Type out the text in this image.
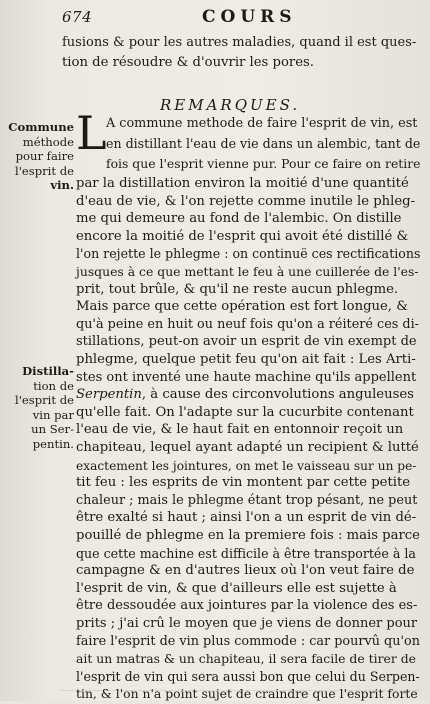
674	COURS
fusions & pour les autres maladies, quand il est ques-
tion de résoudre & d'ouvrir les pores.
REMARQUES.
Commune
méthode
pour faire
l'esprit de
vin.
Distilla-
tion de
l'esprit de
vin par
un Ser-
pentin.
L A commune methode de faire l'esprit de vin, est
en distillant l'eau de vie dans un alembic, tant de
fois que l'esprit vienne pur. Pour ce faire on retire
par la distillation environ la moitié d'une quantité
d'eau de vie, & l'on rejette comme inutile le phleg-
me qui demeure au fond de l'alembic. On distille
encore la moitié de l'esprit qui avoit été distillé &
l'on rejette le phlegme : on continuë ces rectifications
jusques à ce que mettant le feu à une cuillerée de l'es-
prit, tout brûle, & qu'il ne reste aucun phlegme.
Mais parce que cette opération est fort longue, &
qu'à peine en huit ou neuf fois qu'on a réiteré ces di-
stillations, peut-on avoir un esprit de vin exempt de
phlegme, quelque petit feu qu'on ait fait : Les Arti-
stes ont inventé une haute machine qu'ils appellent
Serpentin, à cause des circonvolutions anguleuses
qu'elle fait. On l'adapte sur la cucurbite contenant
l'eau de vie, & le haut fait en entonnoir reçoit un
chapiteau, lequel ayant adapté un recipient & lutté
exactement les jointures, on met le vaisseau sur un pe-
tit feu : les esprits de vin montent par cette petite
chaleur ; mais le phlegme étant trop pésant, ne peut
être exalté si haut ; ainsi l'on a un esprit de vin dé-
pouillé de phlegme en la premiere fois : mais parce
que cette machine est difficile à être transportée à la
campagne & en d'autres lieux où l'on veut faire de
l'esprit de vin, & que d'ailleurs elle est sujette à
être dessoudée aux jointures par la violence des es-
prits ; j'ai crû le moyen que je viens de donner pour
faire l'esprit de vin plus commode : car pourvû qu'on
ait un matras & un chapiteau, il sera facile de tirer de
l'esprit de vin qui sera aussi bon que celui du Serpen-
tin, & l'on n'a point sujet de craindre que l'esprit forte
